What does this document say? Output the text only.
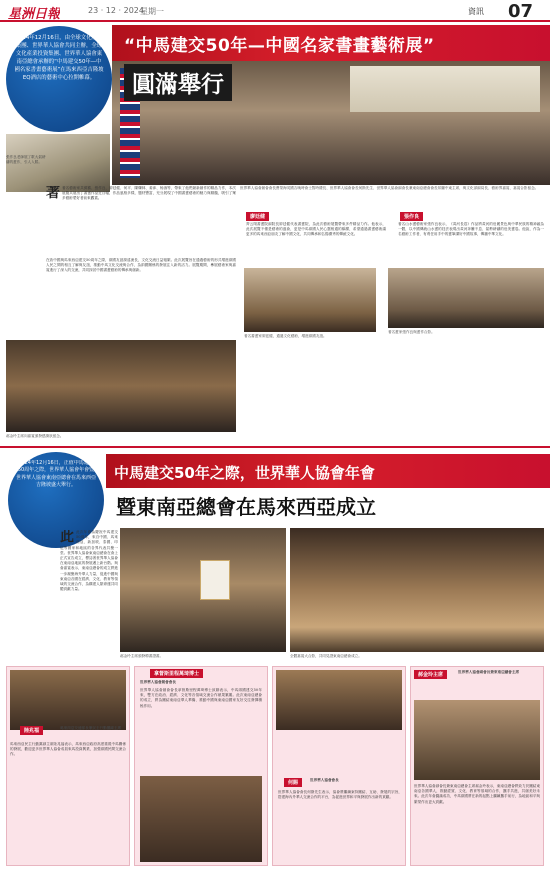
星洲日報	23 · 12 · 2024
星期一	資訊 07
2024年12月16日，由全球文化產業集團、世界華人協會共同主辦，全球文化產業投資集團、世界華人協會東南亞總會承辦的“中馬建交50年—中國名家書畫藝術展”在馬來西亞吉隆坡EQ酒店的藝術中心拉開帷幕。
“中馬建交50年—中國名家書畫藝術展”
圓滿舉行
張作良老師展了歌大氣磅礴的畫作，引人入勝。
世界華人協會創會會長曹榮海英國吉晚時會士暫時禮長、世界華人協會會長何斯先生、世界華人協會副會長兼東南亞總會會長邦蘭中東主席，與文化部副局長、藝術界嘉賓、嘉賓合影留念。
著著名藝術家共濟霸、張作良、廖廷健、何平、陳爍林、姜沛、杨濤等，帶來了他們最新創作的精品力作，本次展覽共展出了書畫作品近百幅，作品風格多樣，題材豐富，充分展現了中國書畫藝術的魅力與精髓，吸引了眾多藝術愛好者前來觀賞。
在致中國與馬來西亞建交50周年之際，兩國友誼源遠流長，文化交流日益頻繁。此次展覽旨在通過藝術的形式增進兩國人民之間的相互了解與友誼，推動中馬文化交流與合作，為兩國關係的發展注入新的活力。展覽期間，參展藝術家與嘉賓進行了深入的交流，共同探討中國書畫藝術的傳承與創新。
郝金玲主席向嘉賓頒發感謝狀留念。
廖廷健
齊云岡書畫院副院長廖廷健代表書畫院，為此次藝術展覽帶來多件精品力作。他表示，此次展覽不僅是藝術的盛會，更是中馬兩國人民心靈相通的橋樑，希望通過書畫藝術讓更多的馬來西亞朋友了解中國文化，共同傳承和弘揚優秀的傳統文化。
著名書畫家廖廷健，通過文化藝術，增進兩國友誼。
張作良
著名山水畫藝術家張作良表示，《黃河長卷》作品將黃河的壯麗景色與中華民族的精神融為一體，以中國傳統山水畫的技法表現出黃河奔騰不息、氣勢磅礴的壯美畫卷。他說，作為一名藝術工作者，有責任用手中的畫筆講好中國故事，傳播中華文化。
著名畫家張作良與畫作合影。
2024年12月16日，正值中馬建交50周年之際，世界華人協會年會暨世界華人協會東南亞總會在馬來西亞吉隆坡盛大舉行。
中馬建交50年之際，世界華人協會年會
暨東南亞總會在馬來西亞成立
此此次年會為慶祝中馬建交50周年，來自中國、馬來西亞、新加坡、泰國、印尼等國家和地區的各界代表共聚一堂。世界華人協會東南亞總會在會上正式宣告成立，標誌著世界華人協會在東南亞地區的發展邁上新台階。與會嘉賓表示，東南亞總會的成立將進一步凝聚海外華人力量，促進中國與東南亞各國在經濟、文化、教育等領域的交流合作，為構建人類命運共同體貢獻力量。
郝金玲主席頒發聘書證書。	全體嘉賓大合影，共同見證東南亞總會成立。
陸兆福	馬來西亞交通部長兼民主行動黨副主席
馬來西亞民主行動黨副主席陸兆福表示，馬來西亞政府高度重視中馬關係的發展，歡迎更多世界華人協會成員來馬投資興業，加強兩國民間交流合作。
拿督斯里程萬琦博士
世界華人協會創會會長
世界華人協會創會會長拿督斯里程萬琦博士致辭表示，中馬兩國建交50年來，雙方在政治、經濟、文化等各領域交流合作碩果累累。此次東南亞總會的成立，將為團結東南亞華人華僑、推動中國與東南亞國家友好交往發揮積極作用。
何賜	世界華人協會會長
世界華人協會會長何斯先生表示，協會將繼續秉持團結、互助、發展的宗旨，搭建海內外華人交流合作的平台，為促進世界和平與發展作出新的貢獻。
郝金玲主席	世界華人協會副會長兼東南亞總會主席
世界華人協會副會長兼東南亞總會主席郝金玲表示，東南亞總會將致力於團結東南亞各國華人，推動經貿、文化、教育等領域的合作，攜手共進，共創美好未來。此次年會圓滿成功，中馬兩國將在新的起點上繼續攜手前行，為地區和平與繁榮作出更大貢獻。
